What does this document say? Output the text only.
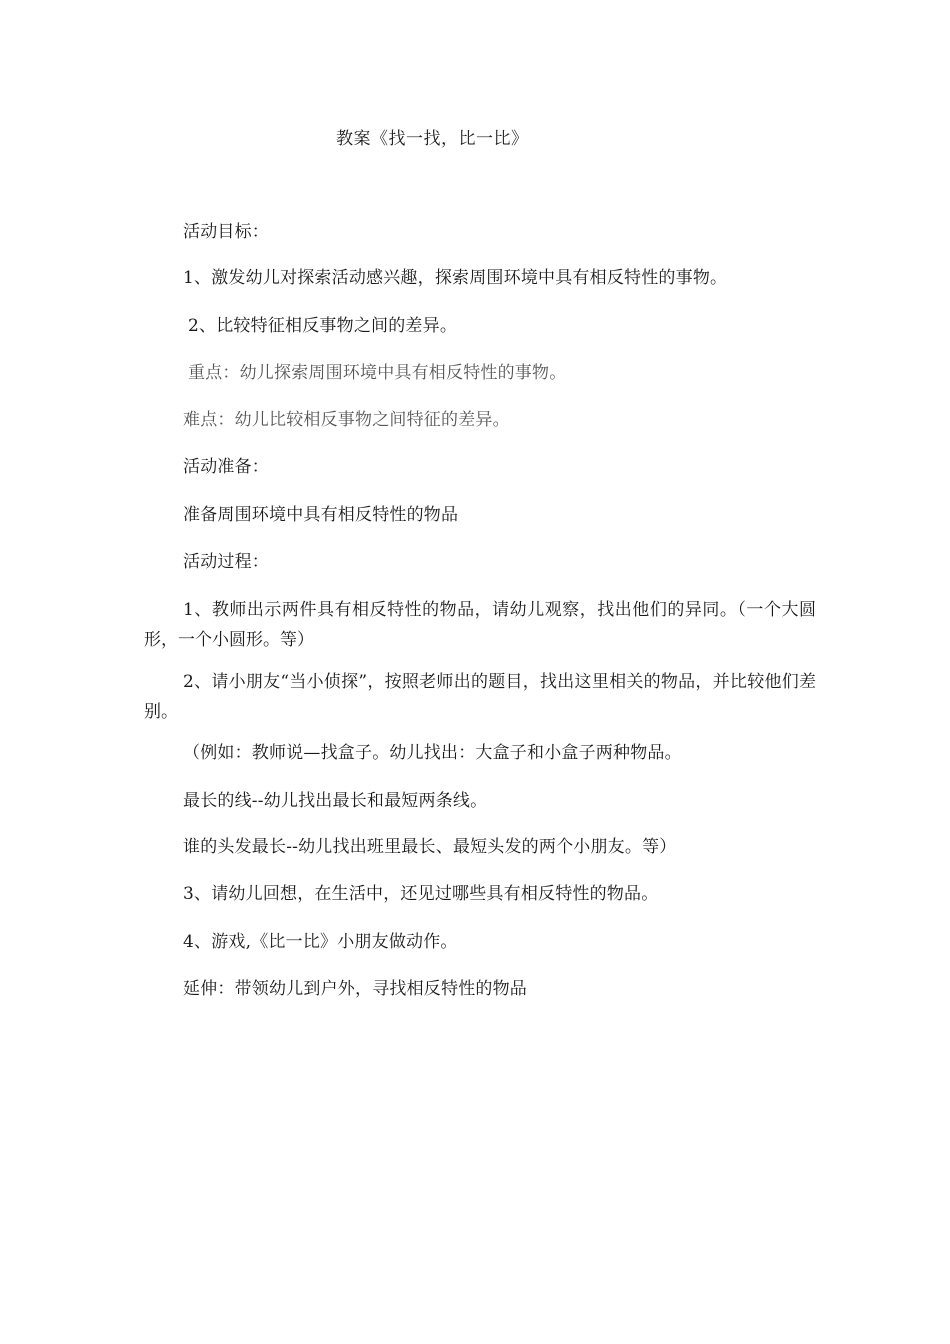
教案《找一找，比一比》
活动目标：
1、激发幼儿对探索活动感兴趣，探索周围环境中具有相反特性的事物。
2、比较特征相反事物之间的差异。
重点：幼儿探索周围环境中具有相反特性的事物。
难点：幼儿比较相反事物之间特征的差异。
活动准备：
准备周围环境中具有相反特性的物品
活动过程：
1、教师出示两件具有相反特性的物品，请幼儿观察，找出他们的异同。（一个大圆形，一个小圆形。等）
2、请小朋友“当小侦探”，按照老师出的题目，找出这里相关的物品，并比较他们差别。
（例如：教师说—找盒子。幼儿找出：大盒子和小盒子两种物品。
最长的线--幼儿找出最长和最短两条线。
谁的头发最长--幼儿找出班里最长、最短头发的两个小朋友。等）
3、请幼儿回想，在生活中，还见过哪些具有相反特性的物品。
4、游戏,《比一比》小朋友做动作。
延伸：带领幼儿到户外，寻找相反特性的物品
